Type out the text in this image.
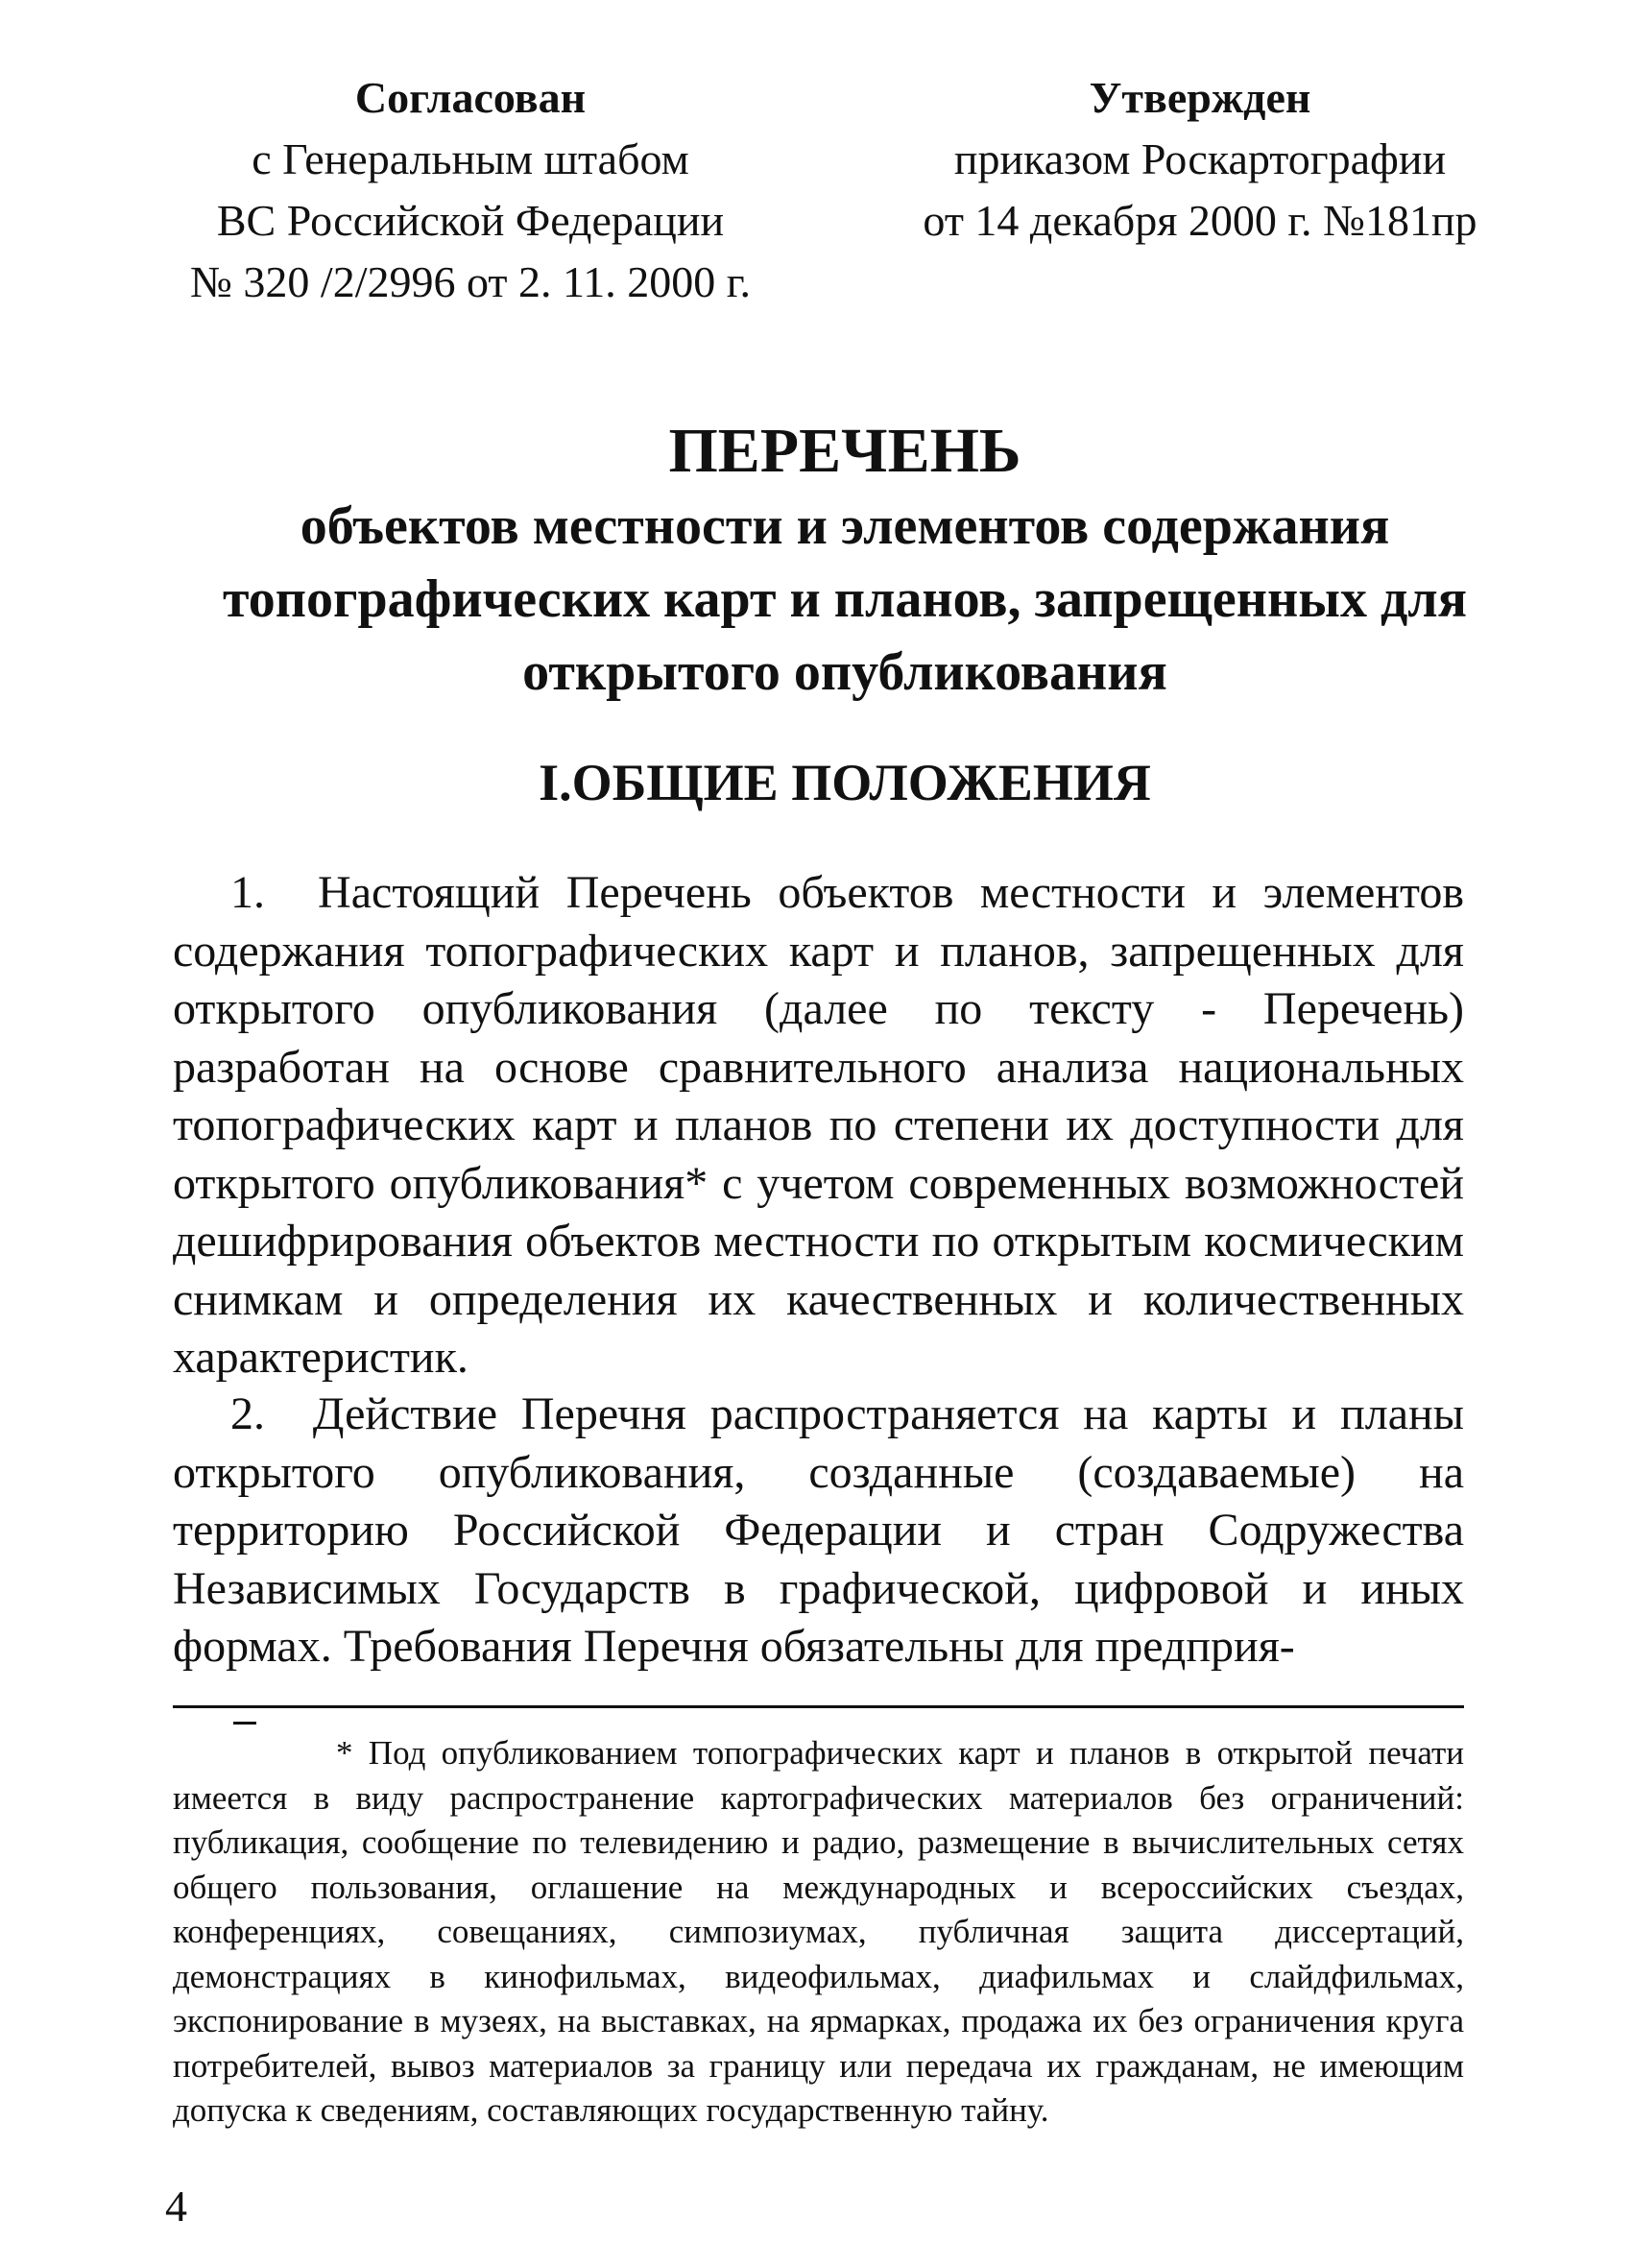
Согласован
с Генеральным штабом
ВС Российской Федерации
№ 320 /2/2996 от 2. 11. 2000 г.
Утвержден
приказом Роскартографии
от 14 декабря 2000 г. №181пр
ПЕРЕЧЕНЬ
объектов местности и элементов содержания топографических карт и планов, запрещенных для открытого опубликования
I.ОБЩИЕ ПОЛОЖЕНИЯ
1.  Настоящий Перечень объектов местности и элементов содержания топографических карт и планов, запрещенных для открытого опубликования (далее по тексту - Перечень) разработан на основе сравнительного анализа национальных топографических карт и планов по степени их доступности для открытого опубликования* с учетом современных возможностей дешифрирования объектов местности по открытым космическим снимкам и определения их качественных и количественных характеристик.
2.  Действие Перечня распространяется на карты и планы открытого опубликования, созданные (создаваемые) на территорию Российской Федерации и стран Содружества Независимых Государств в графической, цифровой и иных формах. Требования Перечня обязательны для предприя-
* Под опубликованием топографических карт и планов в открытой печати имеется в виду распространение картографических материалов без ограничений: публикация, сообщение по телевидению и радио, размещение в вычислительных сетях общего пользования, оглашение на международных и всероссийских съездах, конференциях, совещаниях, симпозиумах, публичная защита диссертаций, демонстрациях в кинофильмах, видеофильмах, диафильмах и слайдфильмах, экспонирование в музеях, на выставках, на ярмарках, продажа их без ограничения круга потребителей, вывоз материалов за границу или передача их гражданам, не имеющим допуска к сведениям, составляющих государственную тайну.
4
